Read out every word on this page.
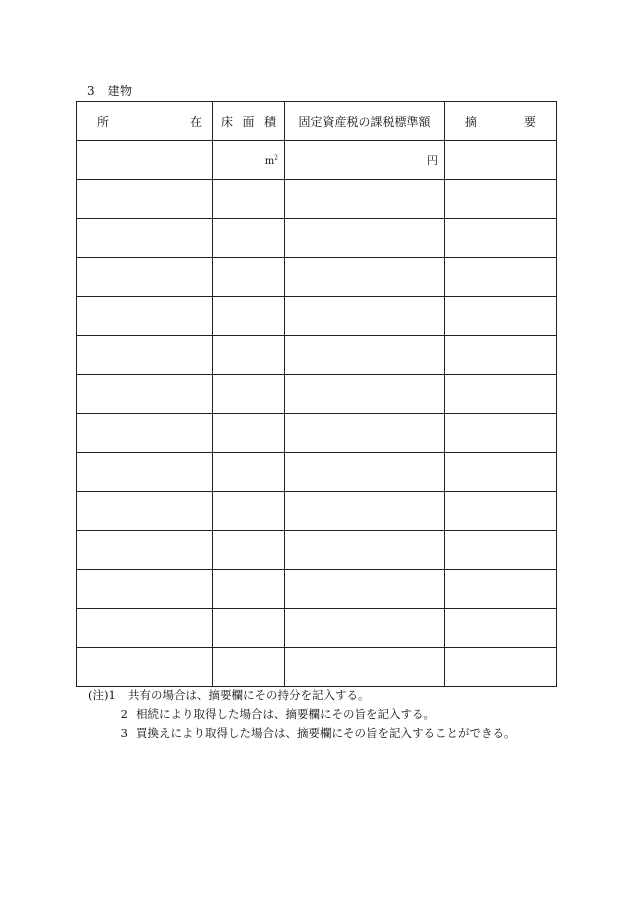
3 建物
所 在	床 面 積	固定資産税の課税標準額	摘 要

	$m^2$	円	

(注)1 共有の場合は、摘要欄にその持分を記入する。
2 相続により取得した場合は、摘要欄にその旨を記入する。
3 買換えにより取得した場合は、摘要欄にその旨を記入することができる。
